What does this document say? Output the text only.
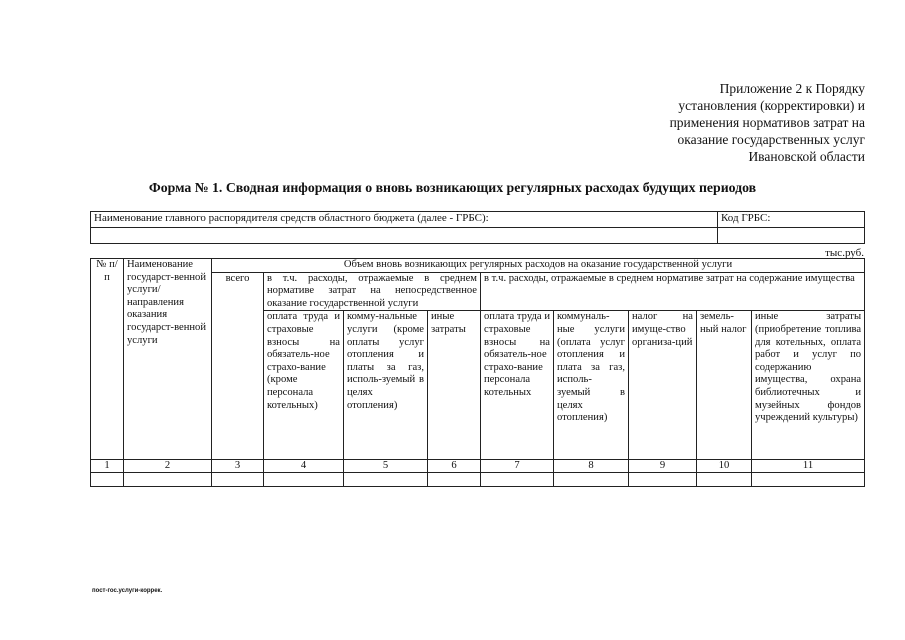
Приложение 2 к Порядку
установления (корректировки) и
применения нормативов затрат на
оказание государственных услуг
Ивановской области
Форма № 1. Сводная информация о вновь возникающих регулярных расходах будущих периодов
Наименование главного распорядителя средств областного бюджета (далее - ГРБС):	Код ГРБС:

тыс.руб.
№ п/п	Наименование государст-венной услуги/ направления оказания государст-венной услуги	Объем вновь возникающих регулярных расходов на оказание государственной услуги								
		всего	в т.ч. расходы, отражаемые в среднем нормативе затрат на непосредственное оказание государственной услуги			в т.ч. расходы, отражаемые в среднем нормативе затрат на содержание имущества				
			оплата труда и страховые взносы на обязатель-ное страхо-вание (кроме персонала котельных)	комму-нальные услуги (кроме оплаты услуг отопления и платы за газ, исполь-зуемый в целях отопления)	иные затраты	оплата труда и страховые взносы на обязатель-ное страхо-вание персонала котельных	коммуналь-ные услуги (оплата услуг отопления и плата за газ, исполь-зуемый в целях отопления)	налог на имуще-ство организа-ций	земель-ный налог	иные затраты (приобретение топлива для котельных, оплата работ и услуг по содержанию имущества, охрана библиотечных и музейных фондов учреждений культуры)
1	2	3	4	5	6	7	8	9	10	11

пост-гос.услуги-коррек.
